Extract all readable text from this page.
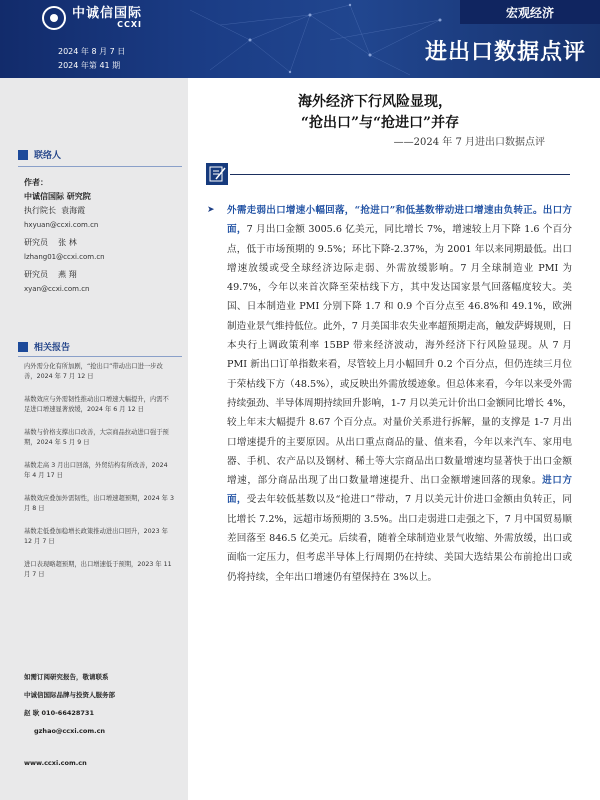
中诚信国际
CCXI
2024 年 8 月 7 日
2024 年第 41 期
宏观经济
进出口数据点评
联络人
作者：
中诚信国际 研究院
执行院长 袁海霞
hxyuan@ccxi.com.cn
研究员 张 林
lzhang01@ccxi.com.cn
研究员 燕 翔
xyan@ccxi.com.cn
相关报告
内外需分化有所加剧，“抢出口”带动出口进一步改善，2024 年 7 月 12 日
基数效应与外需韧性推动出口增速大幅提升，内需不足进口增速显著放缓，2024 年 6 月 12 日
基数与价格支撑出口改善，大宗商品拉动进口强于预期，2024 年 5 月 9 日
基数走高 3 月出口回落，外贸结构有所改善，2024 年 4 月 17 日
基数效应叠加外需韧性，出口增速超预期，2024 年 3 月 8 日
基数走低叠加稳增长政策推动进出口回升，2023 年 12 月 7 日
进口表现略超预期，出口增速低于预期，2023 年 11 月 7 日
如需订阅研究报告，敬请联系
中诚信国际品牌与投资人服务部
赵 耿 010-66428731
gzhao@ccxi.com.cn
www.ccxi.com.cn
海外经济下行风险显现，
“抢出口”与“抢进口”并存
——2024 年 7 月进出口数据点评
➤ 外需走弱出口增速小幅回落，“抢进口”和低基数带动进口增速由负转正。出口方面，7 月出口金额 3005.6 亿美元，同比增长 7%，增速较上月下降 1.6 个百分点，低于市场预期的 9.5%；环比下降-2.37%，为 2001 年以来同期最低。出口增速放缓或受全球经济边际走弱、外需放缓影响。7 月全球制造业 PMI 为 49.7%，今年以来首次降至荣枯线下方，其中发达国家景气回落幅度较大。美国、日本制造业 PMI 分别下降 1.7 和 0.9 个百分点至 46.8%和 49.1%，欧洲制造业景气维持低位。此外，7 月美国非农失业率超预期走高，触发萨姆规则，日本央行上调政策利率 15BP 带来经济波动，海外经济下行风险显现。从 7 月 PMI 新出口订单指数来看，尽管较上月小幅回升 0.2 个百分点，但仍连续三月位于荣枯线下方（48.5%），或反映出外需放缓迹象。但总体来看，今年以来受外需持续强劲、半导体周期持续回升影响，1-7 月以美元计价出口金额同比增长 4%，较上年末大幅提升 8.67 个百分点。对量价关系进行拆解，量的支撑是 1-7 月出口增速提升的主要原因。从出口重点商品的量、值来看，今年以来汽车、家用电器、手机、农产品以及钢材、稀土等大宗商品出口数量增速均显著快于出口金额增速，部分商品出现了出口数量增速提升、出口金额增速回落的现象。进口方面，受去年较低基数以及“抢进口”带动，7 月以美元计价进口金额由负转正，同比增长 7.2%，远超市场预期的 3.5%。出口走弱进口走强之下，7 月中国贸易顺差回落至 846.5 亿美元。后续看，随着全球制造业景气收缩、外需放缓，出口或面临一定压力，但考虑半导体上行周期仍在持续、美国大选结果公布前抢出口或仍将持续，全年出口增速仍有望保持在 3%以上。
